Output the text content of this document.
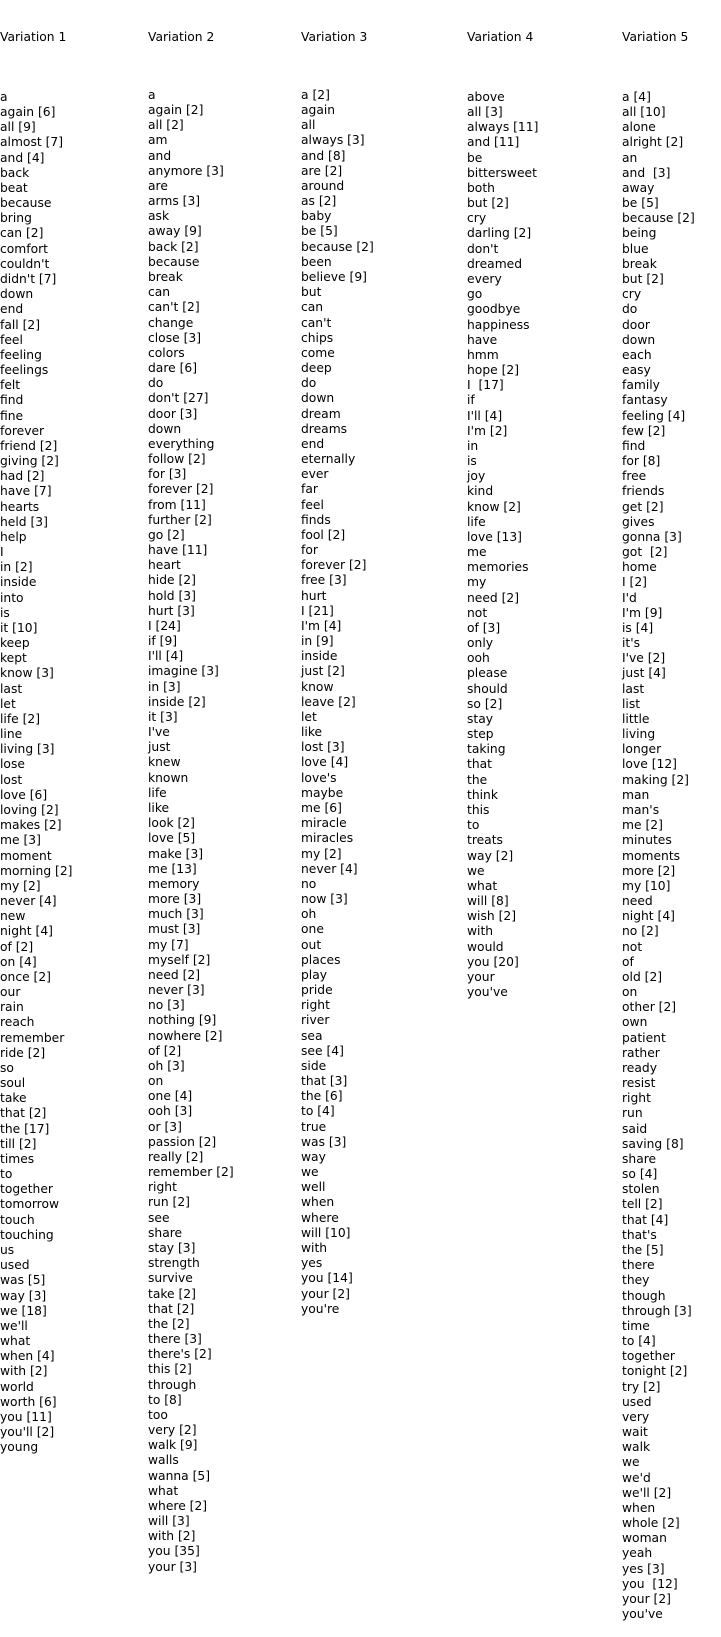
Variation 1

a
again [6]
all [9]
almost [7]
and [4]
back
beat
because
bring
can [2]
comfort
couldn't
didn't [7]
down
end
fall [2]
feel
feeling
feelings
felt
find
fine
forever
friend [2]
giving [2]
had [2]
have [7]
hearts
held [3]
help
I
in [2]
inside
into
is
it [10]
keep
kept
know [3]
last
let
life [2]
line
living [3]
lose
lost
love [6]
loving [2]
makes [2]
me [3]
moment
morning [2]
my [2]
never [4]
new
night [4]
of [2]
on [4]
once [2]
our
rain
reach
remember
ride [2]
so
soul
take
that [2]
the [17]
till [2]
times
to
together
tomorrow
touch
touching
us
used
was [5]
way [3]
we [18]
we'll
what
when [4]
with [2]
world
worth [6]
you [11]
you'll [2]
young

Variation 2

a
again [2]
all [2]
am
and
anymore [3]
are
arms [3]
ask
away [9]
back [2]
because
break
can
can't [2]
change
close [3]
colors
dare [6]
do
don't [27]
door [3]
down
everything
follow [2]
for [3]
forever [2]
from [11]
further [2]
go [2]
have [11]
heart
hide [2]
hold [3]
hurt [3]
I [24]
if [9]
I'll [4]
imagine [3]
in [3]
inside [2]
it [3]
I've
just
knew
known
life
like
look [2]
love [5]
make [3]
me [13]
memory
more [3]
much [3]
must [3]
my [7]
myself [2]
need [2]
never [3]
no [3]
nothing [9]
nowhere [2]
of [2]
oh [3]
on
one [4]
ooh [3]
or [3]
passion [2]
really [2]
remember [2]
right
run [2]
see
share
stay [3]
strength
survive
take [2]
that [2]
the [2]
there [3]
there's [2]
this [2]
through
to [8]
too
very [2]
walk [9]
walls
wanna [5]
what
where [2]
will [3]
with [2]
you [35]
your [3]

Variation 3

a [2]
again
all
always [3]
and [8]
are [2]
around
as [2]
baby
be [5]
because [2]
been
believe [9]
but
can
can't
chips
come
deep
do
down
dream
dreams
end
eternally
ever
far
feel
finds
fool [2]
for
forever [2]
free [3]
hurt
I [21]
I'm [4]
in [9]
inside
just [2]
know
leave [2]
let
like
lost [3]
love [4]
love's
maybe
me [6]
miracle
miracles
my [2]
never [4]
no
now [3]
oh
one
out
places
play
pride
right
river
sea
see [4]
side
that [3]
the [6]
to [4]
true
was [3]
way
we
well
when
where
will [10]
with
yes
you [14]
your [2]
you're

Variation 4

above
all [3]
always [11]
and [11]
be
bittersweet
both
but [2]
cry
darling [2]
don't
dreamed
every
go
goodbye
happiness
have
hmm
hope [2]
I  [17]
if
I'll [4]
I'm [2]
in
is
joy
kind
know [2]
life
love [13]
me
memories
my
need [2]
not
of [3]
only
ooh
please
should
so [2]
stay
step
taking
that
the
think
this
to
treats
way [2]
we
what
will [8]
wish [2]
with
would
you [20]
your
you've

Variation 5

a [4]
all [10]
alone
alright [2]
an
and  [3]
away
be [5]
because [2]
being
blue
break
but [2]
cry
do
door
down
each
easy
family
fantasy
feeling [4]
few [2]
find
for [8]
free
friends
get [2]
gives
gonna [3]
got  [2]
home
I [2]
I'd
I'm [9]
is [4]
it's
I've [2]
just [4]
last
list
little
living
longer
love [12]
making [2]
man
man's
me [2]
minutes
moments
more [2]
my [10]
need
night [4]
no [2]
not
of
old [2]
on
other [2]
own
patient
rather
ready
resist
right
run
said
saving [8]
share
so [4]
stolen
tell [2]
that [4]
that's
the [5]
there
they
though
through [3]
time
to [4]
together
tonight [2]
try [2]
used
very
wait
walk
we
we'd
we'll [2]
when
whole [2]
woman
yeah
yes [3]
you  [12]
your [2]
you've
